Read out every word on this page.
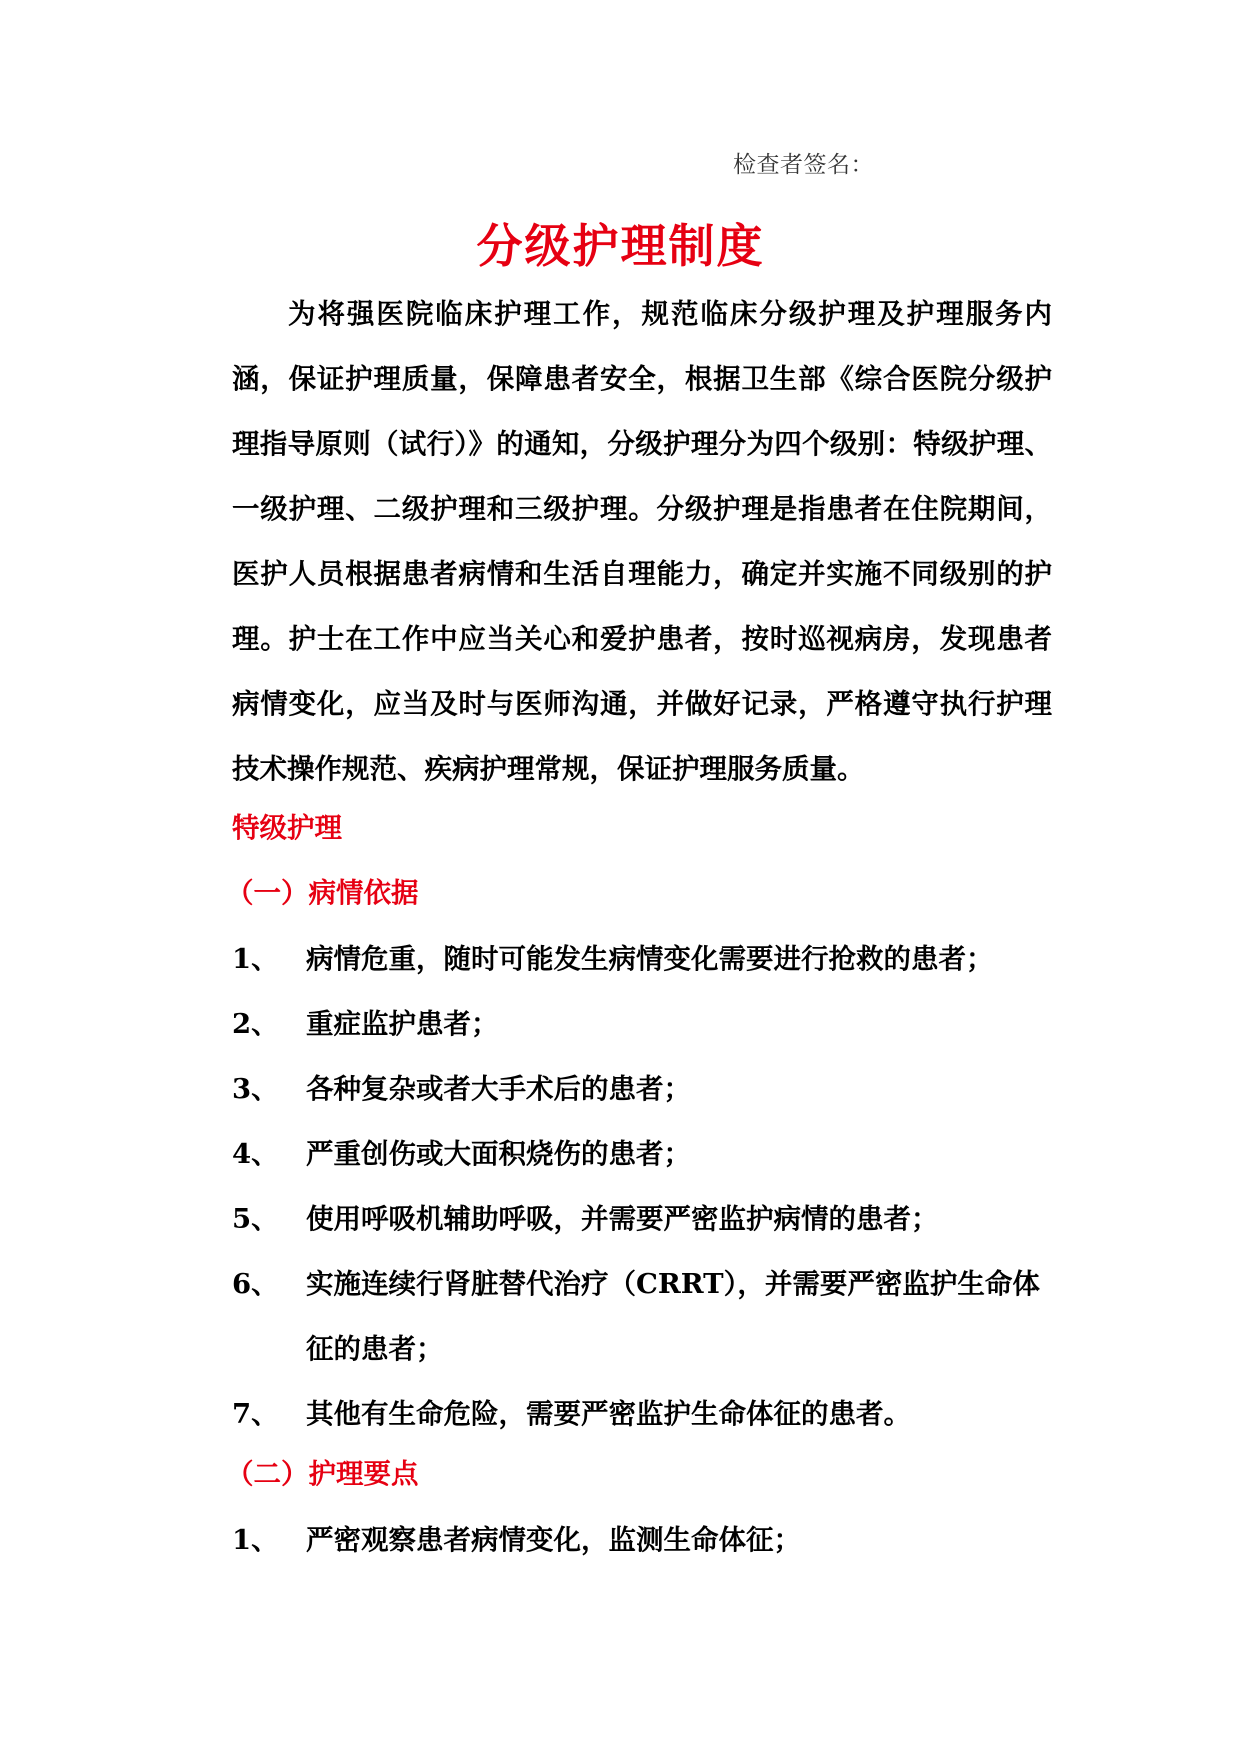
检查者签名：
分级护理制度

为将强医院临床护理工作，规范临床分级护理及护理服务内涵，保证护理质量，保障患者安全，根据卫生部《综合医院分级护理指导原则（试行）》的通知，分级护理分为四个级别：特级护理、一级护理、二级护理和三级护理。分级护理是指患者在住院期间，医护人员根据患者病情和生活自理能力，确定并实施不同级别的护理。护士在工作中应当关心和爱护患者，按时巡视病房，发现患者病情变化，应当及时与医师沟通，并做好记录，严格遵守执行护理技术操作规范、疾病护理常规，保证护理服务质量。

特级护理
（一）病情依据
1、 病情危重，随时可能发生病情变化需要进行抢救的患者；
2、 重症监护患者；
3、 各种复杂或者大手术后的患者；
4、 严重创伤或大面积烧伤的患者；
5、 使用呼吸机辅助呼吸，并需要严密监护病情的患者；
6、 实施连续行肾脏替代治疗（CRRT），并需要严密监护生命体征的患者；
7、 其他有生命危险，需要严密监护生命体征的患者。
（二）护理要点
1、 严密观察患者病情变化，监测生命体征；
